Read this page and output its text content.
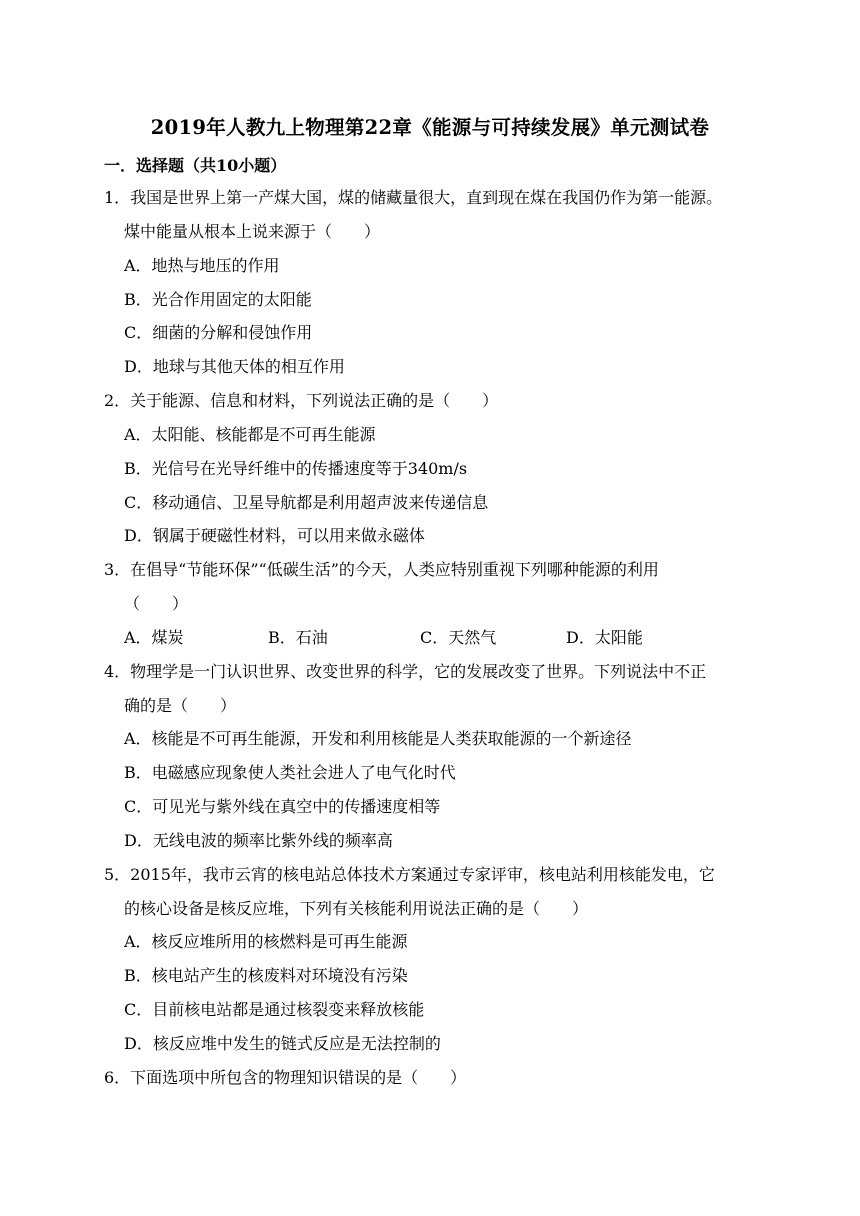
2019年人教九上物理第22章《能源与可持续发展》单元测试卷
一．选择题（共10小题）
1．我国是世界上第一产煤大国，煤的储藏量很大，直到现在煤在我国仍作为第一能源。
煤中能量从根本上说来源于（　　）
A．地热与地压的作用
B．光合作用固定的太阳能
C．细菌的分解和侵蚀作用
D．地球与其他天体的相互作用
2．关于能源、信息和材料，下列说法正确的是（　　）
A．太阳能、核能都是不可再生能源
B．光信号在光导纤维中的传播速度等于340m/s
C．移动通信、卫星导航都是利用超声波来传递信息
D．钢属于硬磁性材料，可以用来做永磁体
3．在倡导“节能环保”“低碳生活”的今天，人类应特别重视下列哪种能源的利用
（　　）
A．煤炭	B．石油	C．天然气	D．太阳能
4．物理学是一门认识世界、改变世界的科学，它的发展改变了世界。下列说法中不正
确的是（　　）
A．核能是不可再生能源，开发和利用核能是人类获取能源的一个新途径
B．电磁感应现象使人类社会进人了电气化时代
C．可见光与紫外线在真空中的传播速度相等
D．无线电波的频率比紫外线的频率高
5．2015年，我市云宵的核电站总体技术方案通过专家评审，核电站利用核能发电，它
的核心设备是核反应堆，下列有关核能利用说法正确的是（　　）
A．核反应堆所用的核燃料是可再生能源
B．核电站产生的核废料对环境没有污染
C．目前核电站都是通过核裂变来释放核能
D．核反应堆中发生的链式反应是无法控制的
6．下面选项中所包含的物理知识错误的是（　　）
